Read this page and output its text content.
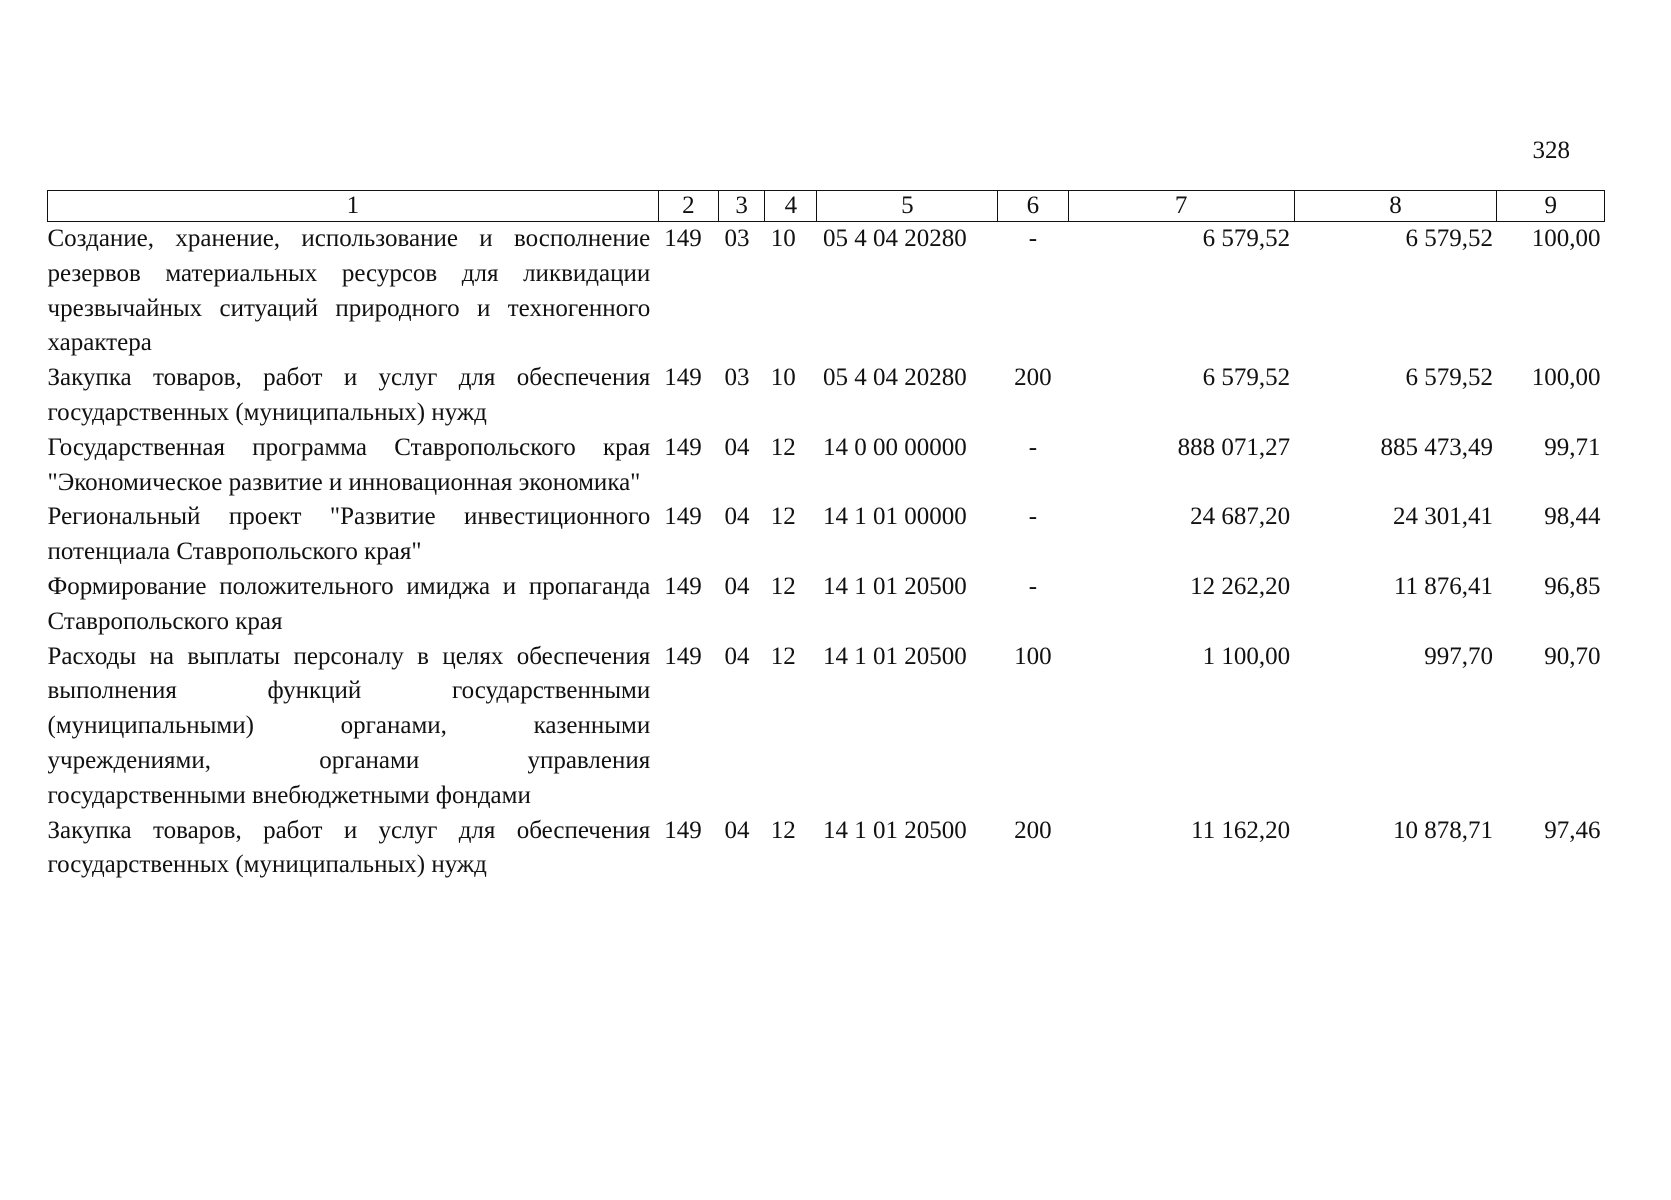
328
1	2	3	4	5	6	7	8	9
Создание, хранение, использование и восполнение резервов материальных ресурсов для ликвидации чрезвычайных ситуаций природного и техногенного характера	149	03	10	05 4 04 20280	-	6 579,52	6 579,52	100,00
Закупка товаров, работ и услуг для обеспечения государственных (муниципальных) нужд	149	03	10	05 4 04 20280	200	6 579,52	6 579,52	100,00
Государственная программа Ставропольского края "Экономическое развитие и инновационная экономика"	149	04	12	14 0 00 00000	-	888 071,27	885 473,49	99,71
Региональный проект "Развитие инвестиционного потенциала Ставропольского края"	149	04	12	14 1 01 00000	-	24 687,20	24 301,41	98,44
Формирование положительного имиджа и пропаганда Ставропольского края	149	04	12	14 1 01 20500	-	12 262,20	11 876,41	96,85
Расходы на выплаты персоналу в целях обеспечения выполнения функций государственными (муниципальными) органами, казенными учреждениями, органами управления государственными внебюджетными фондами	149	04	12	14 1 01 20500	100	1 100,00	997,70	90,70
Закупка товаров, работ и услуг для обеспечения государственных (муниципальных) нужд	149	04	12	14 1 01 20500	200	11 162,20	10 878,71	97,46
